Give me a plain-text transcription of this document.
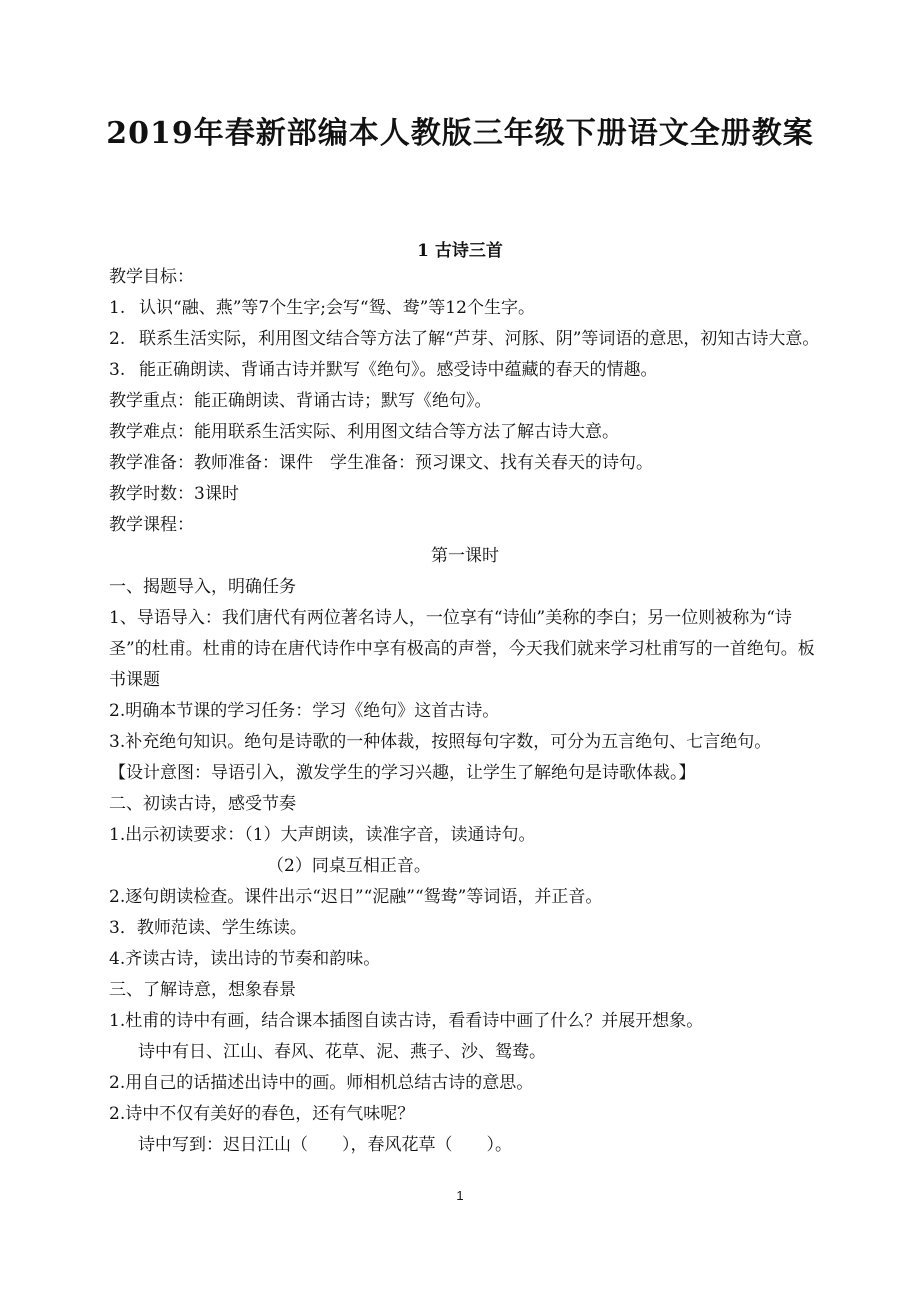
2019年春新部编本人教版三年级下册语文全册教案
1 古诗三首
教学目标：
1. 认识“融、燕”等7个生字;会写“鸳、鸯”等12个生字。
2. 联系生活实际，利用图文结合等方法了解“芦芽、河豚、阴”等词语的意思，初知古诗大意。
3. 能正确朗读、背诵古诗并默写《绝句》。感受诗中蕴藏的春天的情趣。
教学重点：能正确朗读、背诵古诗；默写《绝句》。
教学难点：能用联系生活实际、利用图文结合等方法了解古诗大意。
教学准备：教师准备：课件　学生准备：预习课文、找有关春天的诗句。
教学时数：3课时
教学课程：
第一课时
一、揭题导入，明确任务
1、导语导入：我们唐代有两位著名诗人，一位享有“诗仙”美称的李白；另一位则被称为“诗圣”的杜甫。杜甫的诗在唐代诗作中享有极高的声誉，今天我们就来学习杜甫写的一首绝句。板书课题
2.明确本节课的学习任务：学习《绝句》这首古诗。
3.补充绝句知识。绝句是诗歌的一种体裁，按照每句字数，可分为五言绝句、七言绝句。
【设计意图：导语引入，激发学生的学习兴趣，让学生了解绝句是诗歌体裁。】
二、初读古诗，感受节奏
1.出示初读要求：（1）大声朗读，读准字音，读通诗句。
（2）同桌互相正音。
2.逐句朗读检查。课件出示“迟日”“泥融”“鸳鸯”等词语，并正音。
3．教师范读、学生练读。
4.齐读古诗，读出诗的节奏和韵味。
三、了解诗意，想象春景
1.杜甫的诗中有画，结合课本插图自读古诗，看看诗中画了什么？并展开想象。
诗中有日、江山、春风、花草、泥、燕子、沙、鸳鸯。
2.用自己的话描述出诗中的画。师相机总结古诗的意思。
2.诗中不仅有美好的春色，还有气味呢？
诗中写到：迟日江山（　　），春风花草（　　）。
1
